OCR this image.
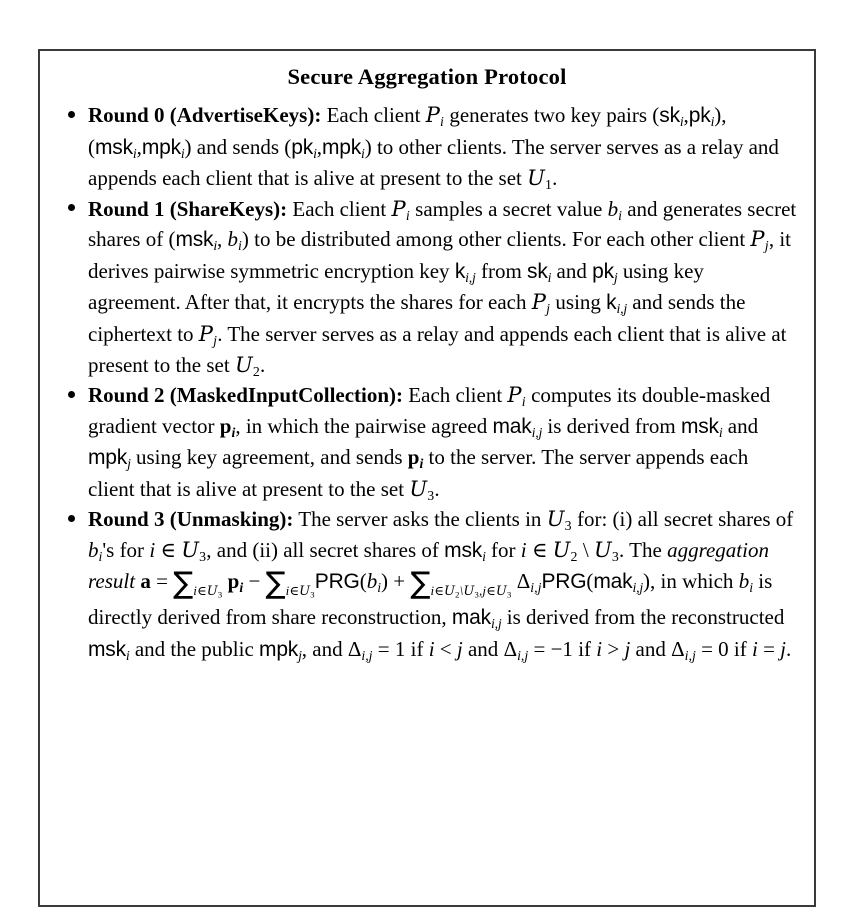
Secure Aggregation Protocol
Round 0 (AdvertiseKeys): Each client $P_i$ generates two key pairs $(sk_i,pk_i)$, (msk$_i$,mpk$_i$) and sends $(pk_i,mpk_i)$ to other clients. The server serves as a relay and appends each client that is alive at present to the set $U_1$.
Round 1 (ShareKeys): Each client $P_i$ samples a secret value $b_i$ and generates secret shares of (msk$_i$, $b_i$) to be distributed among other clients. For each other client $P_j$, it derives pairwise symmetric encryption key $k_{i,j}$ from $sk_i$ and $pk_j$ using key agreement. After that, it encrypts the shares for each $P_j$ using $k_{i,j}$ and sends the ciphertext to $P_j$. The server serves as a relay and appends each client that is alive at present to the set $U_2$.
Round 2 (MaskedInputCollection): Each client $P_i$ computes its double-masked gradient vector $p_i$, in which the pairwise agreed mak$_{i,j}$ is derived from msk$_i$ and mpk$_j$ using key agreement, and sends $p_i$ to the server. The server appends each client that is alive at present to the set $U_3$.
Round 3 (Unmasking): The server asks the clients in $U_3$ for: (i) all secret shares of $b_i's$ for i ∈ $U_3$, and (ii) all secret shares of msk$_i$ for i ∈ $U_2$ \ $U_3$. The aggregation result $a = \sum_{i\in U_3}$ $p_i - \sum_{i\in U_3}PRG(b_i) + \sum_{i\in U_2\backslash U_3,j\in U_3}$ $\Delta_{i,j}PRG(mak_{i,j})$, in which $b_i$ is directly derived from share reconstruction, mak$_{i,j}$ is derived from the reconstructed msk$_i$ and the public mpk$_j$, and $\Delta_{i,j} = 1$ if i < j and $\Delta_{i,j} = -1$ if i > j and $\Delta_{i,j} = 0$ if i = j.
